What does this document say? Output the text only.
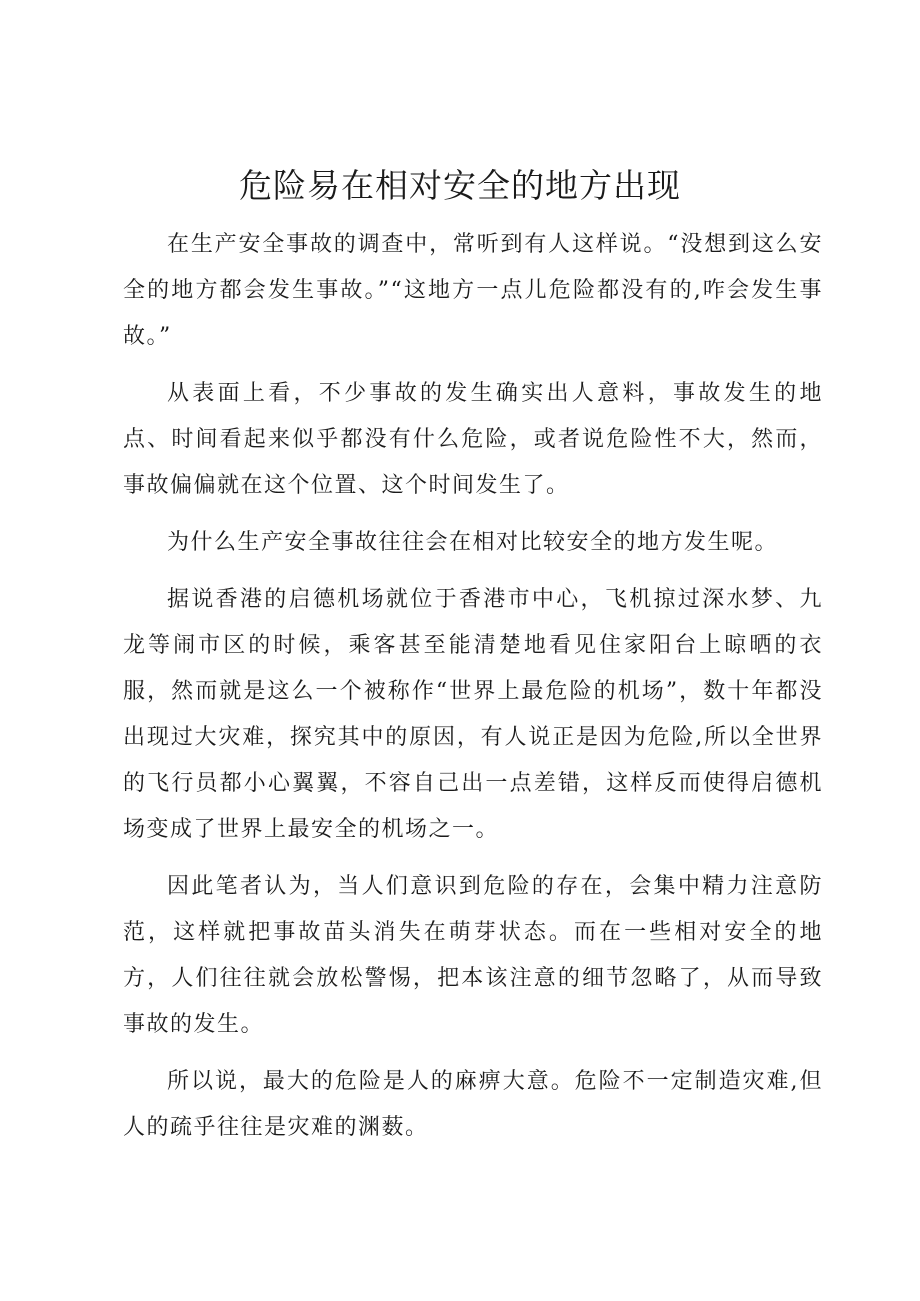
危险易在相对安全的地方出现

在生产安全事故的调查中，常听到有人这样说。“没想到这么安全的地方都会发生事故。”“这地方一点儿危险都没有的,咋会发生事故。”

从表面上看，不少事故的发生确实出人意料，事故发生的地点、时间看起来似乎都没有什么危险，或者说危险性不大，然而，事故偏偏就在这个位置、这个时间发生了。

为什么生产安全事故往往会在相对比较安全的地方发生呢。

据说香港的启德机场就位于香港市中心，飞机掠过深水梦、九龙等闹市区的时候，乘客甚至能清楚地看见住家阳台上晾晒的衣服，然而就是这么一个被称作“世界上最危险的机场”，数十年都没出现过大灾难，探究其中的原因，有人说正是因为危险,所以全世界的飞行员都小心翼翼，不容自己出一点差错，这样反而使得启德机场变成了世界上最安全的机场之一。

因此笔者认为，当人们意识到危险的存在，会集中精力注意防范，这样就把事故苗头消失在萌芽状态。而在一些相对安全的地方，人们往往就会放松警惕，把本该注意的细节忽略了，从而导致事故的发生。

所以说，最大的危险是人的麻痹大意。危险不一定制造灾难,但人的疏乎往往是灾难的渊薮。
